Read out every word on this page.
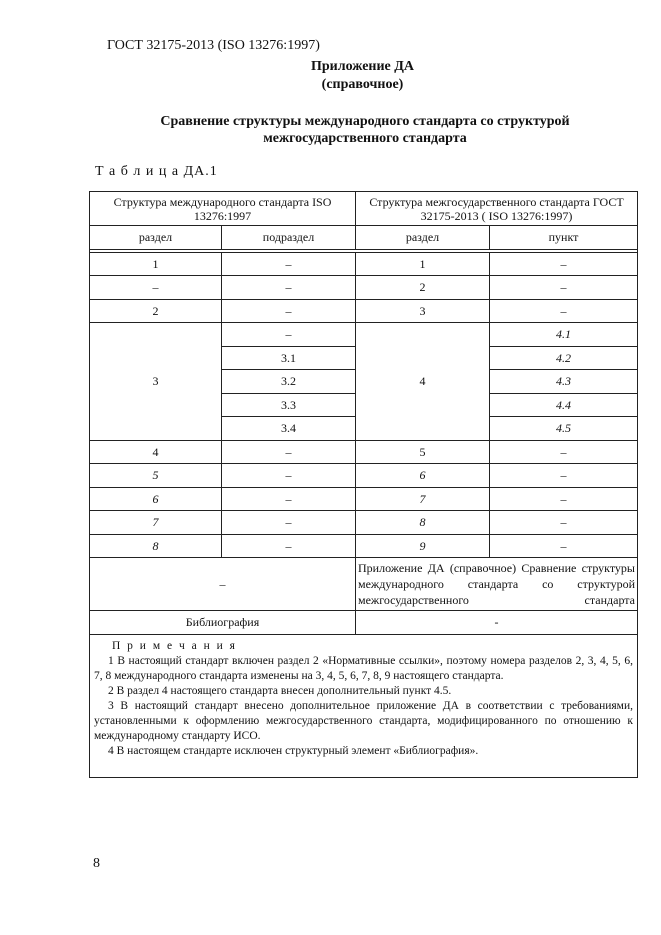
ГОСТ 32175-2013 (ISO 13276:1997)
Приложение ДА
(справочное)
Сравнение структуры международного стандарта со структурой межгосударственного стандарта
Т а б л и ц а ДА.1
Структура международного стандарта ISO 13276:1997		Структура межгосударственного стандарта ГОСТ 32175-2013 ( ISO 13276:1997)	
раздел	подраздел	раздел	пункт

1	–	1	–
–	–	2	–
2	–	3	–
3	–	4	4.1
	3.1		4.2
	3.2		4.3
	3.3		4.4
	3.4		4.5
4	–	5	–
5	–	6	–
6	–	7	–
7	–	8	–
8	–	9	–
–		Приложение ДА (справочное) Сравнение структуры международного стандарта со структурой межгосударственного стандарта	
Библиография		-	

П р и м е ч а н и я
1 В настоящий стандарт включен раздел 2 «Нормативные ссылки», поэтому номера разделов 2, 3, 4, 5, 6, 7, 8 международного стандарта изменены на 3, 4, 5, 6, 7, 8, 9 настоящего стандарта.
2 В раздел 4 настоящего стандарта внесен дополнительный пункт 4.5.
3 В настоящий стандарт внесено дополнительное приложение ДА в соответствии с требованиями, установленными к оформлению межгосударственного стандарта, модифицированного по отношению к международному стандарту ИСО.
4 В настоящем стандарте исключен структурный элемент «Библиография».			
8
